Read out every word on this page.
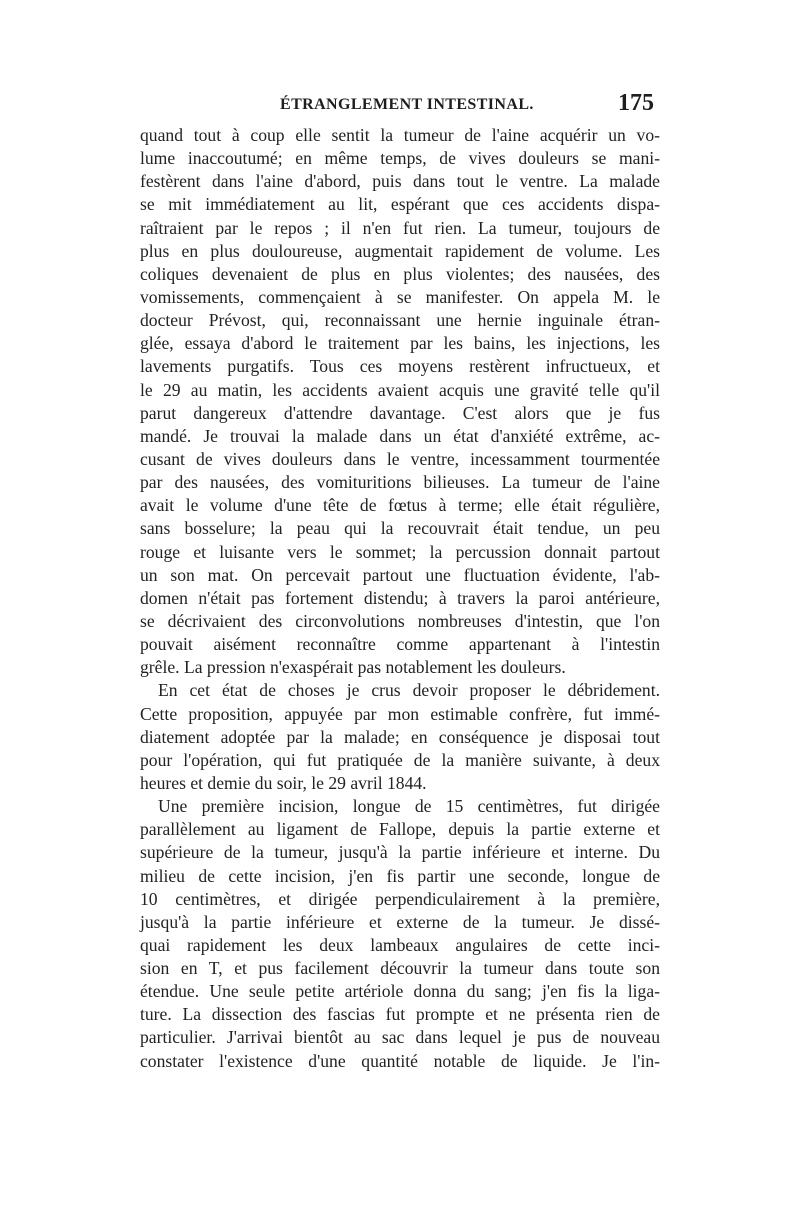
ÉTRANGLEMENT INTESTINAL.	175
quand tout à coup elle sentit la tumeur de l'aine acquérir un vo-
lume inaccoutumé; en même temps, de vives douleurs se mani-
festèrent dans l'aine d'abord, puis dans tout le ventre. La malade
se mit immédiatement au lit, espérant que ces accidents dispa-
raîtraient par le repos ; il n'en fut rien. La tumeur, toujours de
plus en plus douloureuse, augmentait rapidement de volume. Les
coliques devenaient de plus en plus violentes; des nausées, des
vomissements, commençaient à se manifester. On appela M. le
docteur Prévost, qui, reconnaissant une hernie inguinale étran-
glée, essaya d'abord le traitement par les bains, les injections, les
lavements purgatifs. Tous ces moyens restèrent infructueux, et
le 29 au matin, les accidents avaient acquis une gravité telle qu'il
parut dangereux d'attendre davantage. C'est alors que je fus
mandé. Je trouvai la malade dans un état d'anxiété extrême, ac-
cusant de vives douleurs dans le ventre, incessamment tourmentée
par des nausées, des vomituritions bilieuses. La tumeur de l'aine
avait le volume d'une tête de fœtus à terme; elle était régulière,
sans bosselure; la peau qui la recouvrait était tendue, un peu
rouge et luisante vers le sommet; la percussion donnait partout
un son mat. On percevait partout une fluctuation évidente, l'ab-
domen n'était pas fortement distendu; à travers la paroi antérieure,
se décrivaient des circonvolutions nombreuses d'intestin, que l'on
pouvait aisément reconnaître comme appartenant à l'intestin
grêle. La pression n'exaspérait pas notablement les douleurs.
En cet état de choses je crus devoir proposer le débridement.
Cette proposition, appuyée par mon estimable confrère, fut immé-
diatement adoptée par la malade; en conséquence je disposai tout
pour l'opération, qui fut pratiquée de la manière suivante, à deux
heures et demie du soir, le 29 avril 1844.
Une première incision, longue de 15 centimètres, fut dirigée
parallèlement au ligament de Fallope, depuis la partie externe et
supérieure de la tumeur, jusqu'à la partie inférieure et interne. Du
milieu de cette incision, j'en fis partir une seconde, longue de
10 centimètres, et dirigée perpendiculairement à la première,
jusqu'à la partie inférieure et externe de la tumeur. Je dissé-
quai rapidement les deux lambeaux angulaires de cette inci-
sion en T, et pus facilement découvrir la tumeur dans toute son
étendue. Une seule petite artériole donna du sang; j'en fis la liga-
ture. La dissection des fascias fut prompte et ne présenta rien de
particulier. J'arrivai bientôt au sac dans lequel je pus de nouveau
constater l'existence d'une quantité notable de liquide. Je l'in-
